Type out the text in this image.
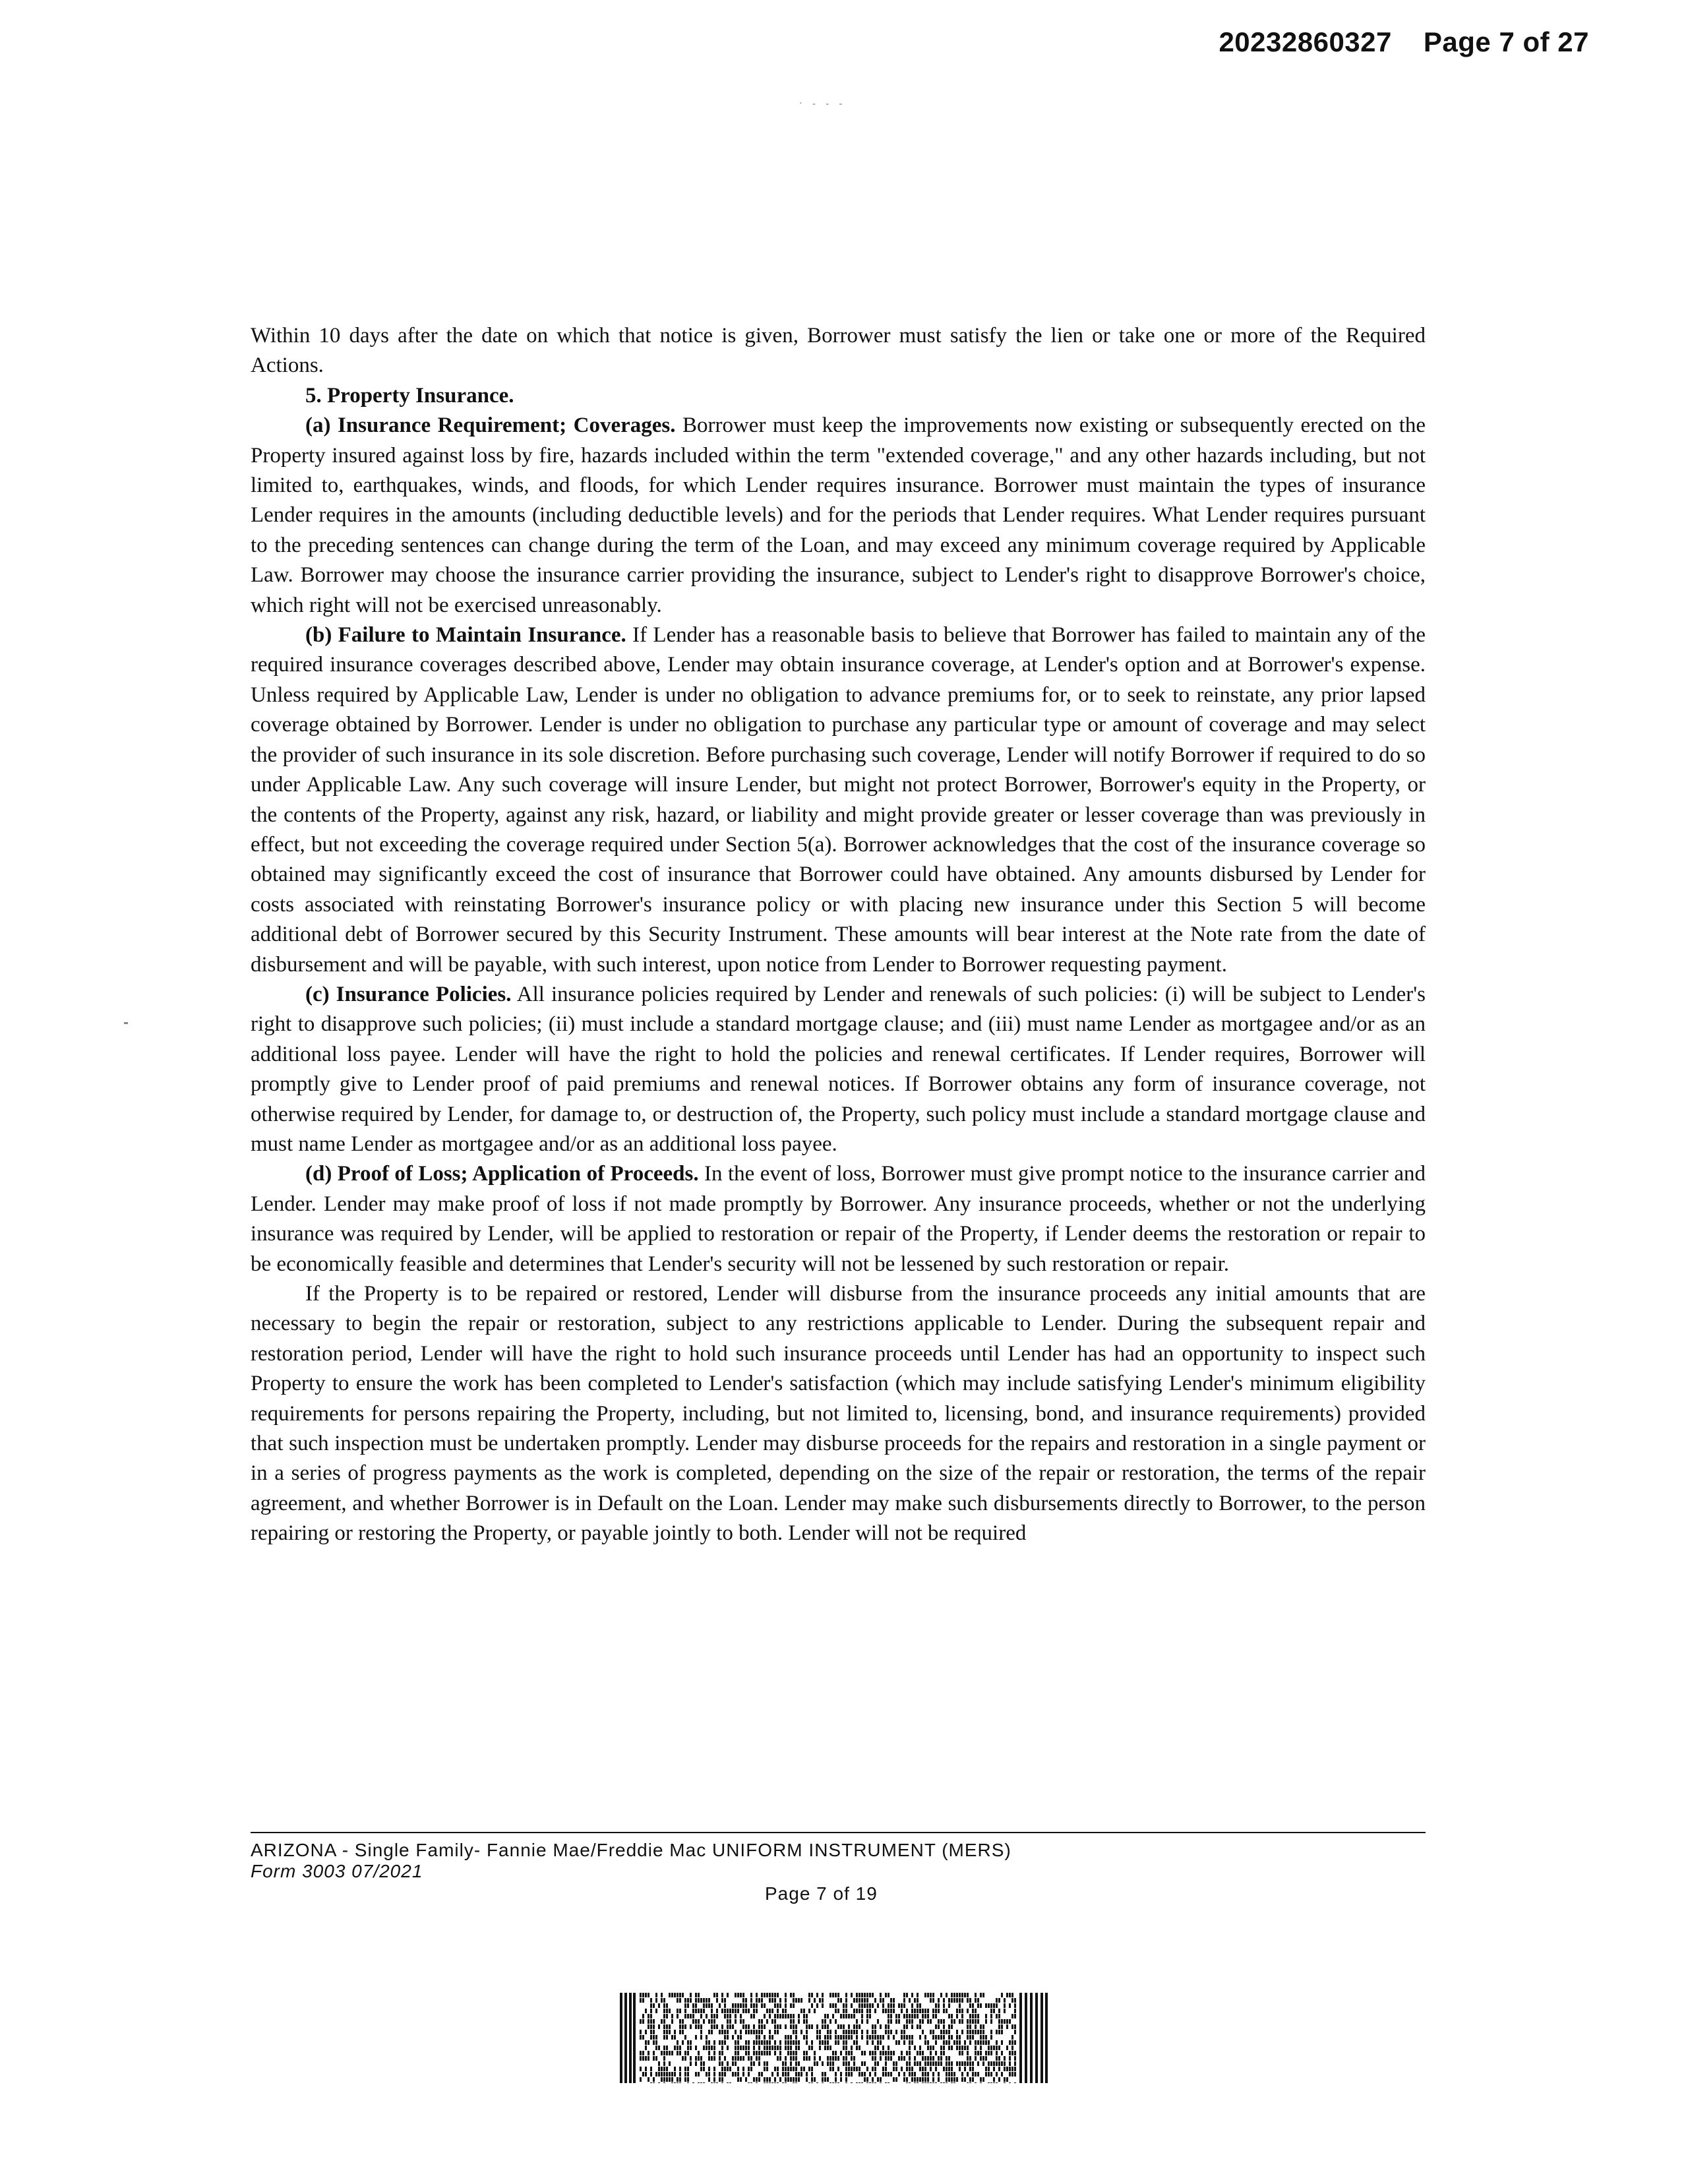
20232860327 Page 7 of 27
· - - -

Within 10 days after the date on which that notice is given, Borrower must satisfy the lien or take one or more of the Required Actions.

5. Property Insurance.

(a) Insurance Requirement; Coverages. Borrower must keep the improvements now existing or subsequently erected on the Property insured against loss by fire, hazards included within the term "extended coverage," and any other hazards including, but not limited to, earthquakes, winds, and floods, for which Lender requires insurance. Borrower must maintain the types of insurance Lender requires in the amounts (including deductible levels) and for the periods that Lender requires. What Lender requires pursuant to the preceding sentences can change during the term of the Loan, and may exceed any minimum coverage required by Applicable Law. Borrower may choose the insurance carrier providing the insurance, subject to Lender's right to disapprove Borrower's choice, which right will not be exercised unreasonably.

(b) Failure to Maintain Insurance. If Lender has a reasonable basis to believe that Borrower has failed to maintain any of the required insurance coverages described above, Lender may obtain insurance coverage, at Lender's option and at Borrower's expense. Unless required by Applicable Law, Lender is under no obligation to advance premiums for, or to seek to reinstate, any prior lapsed coverage obtained by Borrower. Lender is under no obligation to purchase any particular type or amount of coverage and may select the provider of such insurance in its sole discretion. Before purchasing such coverage, Lender will notify Borrower if required to do so under Applicable Law. Any such coverage will insure Lender, but might not protect Borrower, Borrower's equity in the Property, or the contents of the Property, against any risk, hazard, or liability and might provide greater or lesser coverage than was previously in effect, but not exceeding the coverage required under Section 5(a). Borrower acknowledges that the cost of the insurance coverage so obtained may significantly exceed the cost of insurance that Borrower could have obtained. Any amounts disbursed by Lender for costs associated with reinstating Borrower's insurance policy or with placing new insurance under this Section 5 will become additional debt of Borrower secured by this Security Instrument. These amounts will bear interest at the Note rate from the date of disbursement and will be payable, with such interest, upon notice from Lender to Borrower requesting payment.

(c) Insurance Policies. All insurance policies required by Lender and renewals of such policies: (i) will be subject to Lender's right to disapprove such policies; (ii) must include a standard mortgage clause; and (iii) must name Lender as mortgagee and/or as an additional loss payee. Lender will have the right to hold the policies and renewal certificates. If Lender requires, Borrower will promptly give to Lender proof of paid premiums and renewal notices. If Borrower obtains any form of insurance coverage, not otherwise required by Lender, for damage to, or destruction of, the Property, such policy must include a standard mortgage clause and must name Lender as mortgagee and/or as an additional loss payee.

(d) Proof of Loss; Application of Proceeds. In the event of loss, Borrower must give prompt notice to the insurance carrier and Lender. Lender may make proof of loss if not made promptly by Borrower. Any insurance proceeds, whether or not the underlying insurance was required by Lender, will be applied to restoration or repair of the Property, if Lender deems the restoration or repair to be economically feasible and determines that Lender's security will not be lessened by such restoration or repair.

If the Property is to be repaired or restored, Lender will disburse from the insurance proceeds any initial amounts that are necessary to begin the repair or restoration, subject to any restrictions applicable to Lender. During the subsequent repair and restoration period, Lender will have the right to hold such insurance proceeds until Lender has had an opportunity to inspect such Property to ensure the work has been completed to Lender's satisfaction (which may include satisfying Lender's minimum eligibility requirements for persons repairing the Property, including, but not limited to, licensing, bond, and insurance requirements) provided that such inspection must be undertaken promptly. Lender may disburse proceeds for the repairs and restoration in a single payment or in a series of progress payments as the work is completed, depending on the size of the repair or restoration, the terms of the repair agreement, and whether Borrower is in Default on the Loan. Lender may make such disbursements directly to Borrower, to the person repairing or restoring the Property, or payable jointly to both. Lender will not be required

ARIZONA - Single Family- Fannie Mae/Freddie Mac UNIFORM INSTRUMENT (MERS)
Form 3003 07/2021
Page 7 of 19
